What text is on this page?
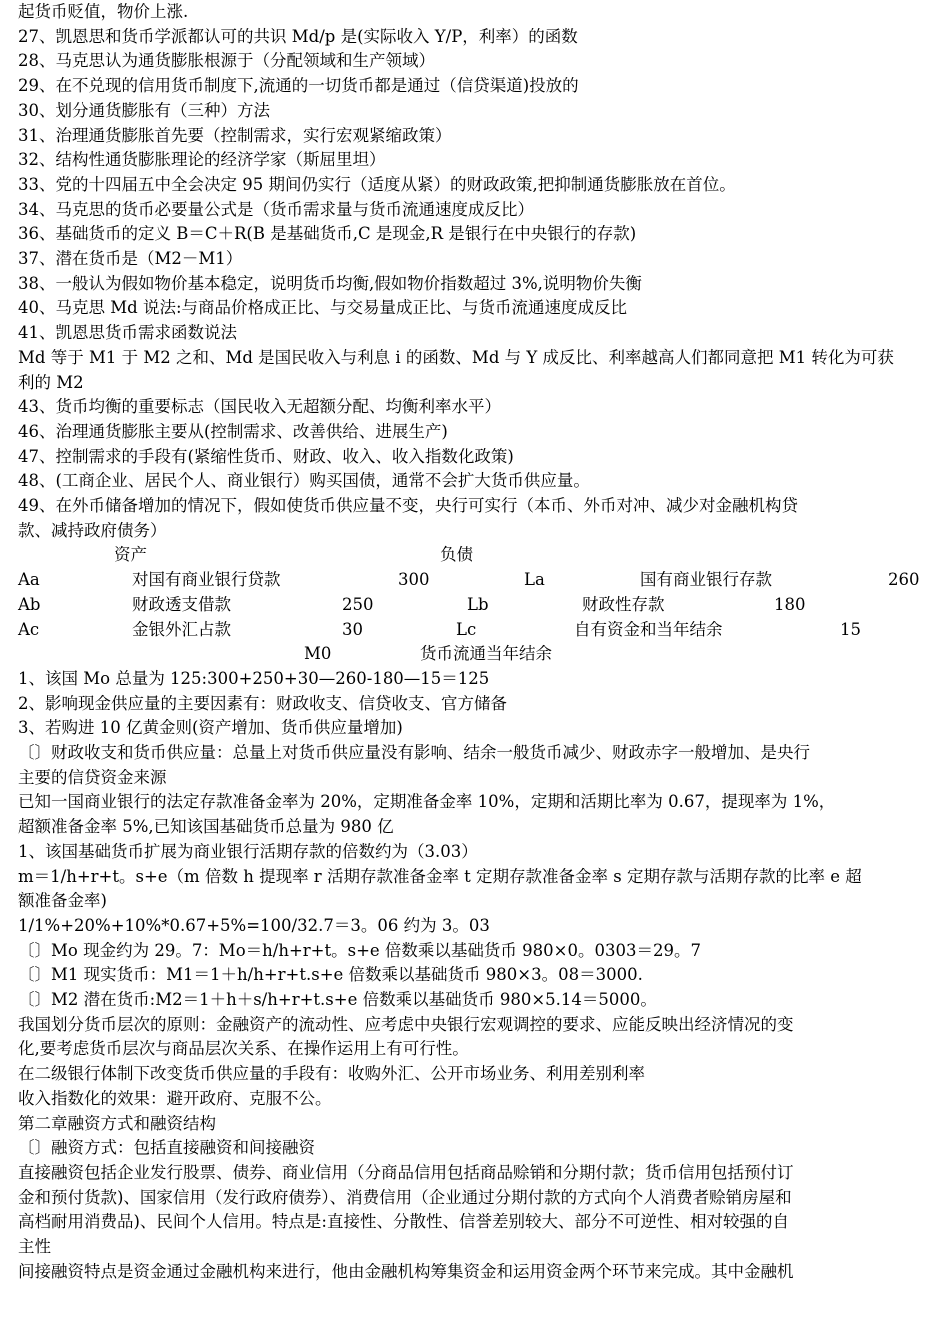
起货币贬值，物价上涨.
27、凯恩思和货币学派都认可的共识 Md/p 是(实际收入 Y/P，利率）的函数
28、马克思认为通货膨胀根源于（分配领域和生产领域）
29、在不兑现的信用货币制度下,流通的一切货币都是通过（信贷渠道)投放的
30、划分通货膨胀有（三种）方法
31、治理通货膨胀首先要（控制需求，实行宏观紧缩政策）
32、结构性通货膨胀理论的经济学家（斯屈里坦）
33、党的十四届五中全会决定 95 期间仍实行（适度从紧）的财政政策,把抑制通货膨胀放在首位。
34、马克思的货币必要量公式是（货币需求量与货币流通速度成反比）
36、基础货币的定义 B＝C＋R(B 是基础货币,C 是现金,R 是银行在中央银行的存款)
37、潜在货币是（M2－M1）
38、一般认为假如物价基本稳定，说明货币均衡,假如物价指数超过 3%,说明物价失衡
40、马克思 Md 说法:与商品价格成正比、与交易量成正比、与货币流通速度成反比
41、凯恩思货币需求函数说法
Md 等于 M1 于 M2 之和、Md 是国民收入与利息 i 的函数、Md 与 Y 成反比、利率越高人们都同意把 M1 转化为可获
利的 M2
43、货币均衡的重要标志（国民收入无超额分配、均衡利率水平）
46、治理通货膨胀主要从(控制需求、改善供给、进展生产)
47、控制需求的手段有(紧缩性货币、财政、收入、收入指数化政策)
48、(工商企业、居民个人、商业银行）购买国债，通常不会扩大货币供应量。
49、在外币储备增加的情况下，假如使货币供应量不变，央行可实行（本币、外币对冲、减少对金融机构贷
款、减持政府债务）
资产	负债
Aa	对国有商业银行贷款	300	La	国有商业银行存款	260
Ab	财政透支借款	250	Lb	财政性存款	180
Ac	金银外汇占款	30	Lc	自有资金和当年结余	15
M0	货币流通当年结余
1、该国 Mo 总量为 125:300+250+30—260-180—15＝125
2、影响现金供应量的主要因素有：财政收支、信贷收支、官方储备
3、若购进 10 亿黄金则(资产增加、货币供应量增加)
〔〕财政收支和货币供应量：总量上对货币供应量没有影响、结余一般货币减少、财政赤字一般增加、是央行
主要的信贷资金来源
已知一国商业银行的法定存款准备金率为 20%，定期准备金率 10%，定期和活期比率为 0.67，提现率为 1%，
超额准备金率 5%,已知该国基础货币总量为 980 亿
1、该国基础货币扩展为商业银行活期存款的倍数约为（3.03）
m＝1/h+r+t。s+e（m 倍数 h 提现率 r 活期存款准备金率 t 定期存款准备金率 s 定期存款与活期存款的比率 e 超
额准备金率)
1/1%+20%+10%*0.67+5%=100/32.7＝3。06 约为 3。03
〔〕Mo 现金约为 29。7：Mo＝h/h+r+t。s+e 倍数乘以基础货币 980×0。0303＝29。7
〔〕M1 现实货币：M1＝1＋h/h+r+t.s+e 倍数乘以基础货币 980×3。08＝3000.
〔〕M2 潜在货币:M2＝1＋h＋s/h+r+t.s+e 倍数乘以基础货币 980×5.14＝5000。
我国划分货币层次的原则：金融资产的流动性、应考虑中央银行宏观调控的要求、应能反映出经济情况的变
化,要考虑货币层次与商品层次关系、在操作运用上有可行性。
在二级银行体制下改变货币供应量的手段有：收购外汇、公开市场业务、利用差别利率
收入指数化的效果：避开政府、克服不公。
第二章融资方式和融资结构
〔〕融资方式：包括直接融资和间接融资
直接融资包括企业发行股票、债券、商业信用（分商品信用包括商品赊销和分期付款；货币信用包括预付订
金和预付货款)、国家信用（发行政府债券）、消费信用（企业通过分期付款的方式向个人消费者赊销房屋和
高档耐用消费品)、民间个人信用。特点是:直接性、分散性、信誉差别较大、部分不可逆性、相对较强的自
主性
间接融资特点是资金通过金融机构来进行，他由金融机构筹集资金和运用资金两个环节来完成。其中金融机
